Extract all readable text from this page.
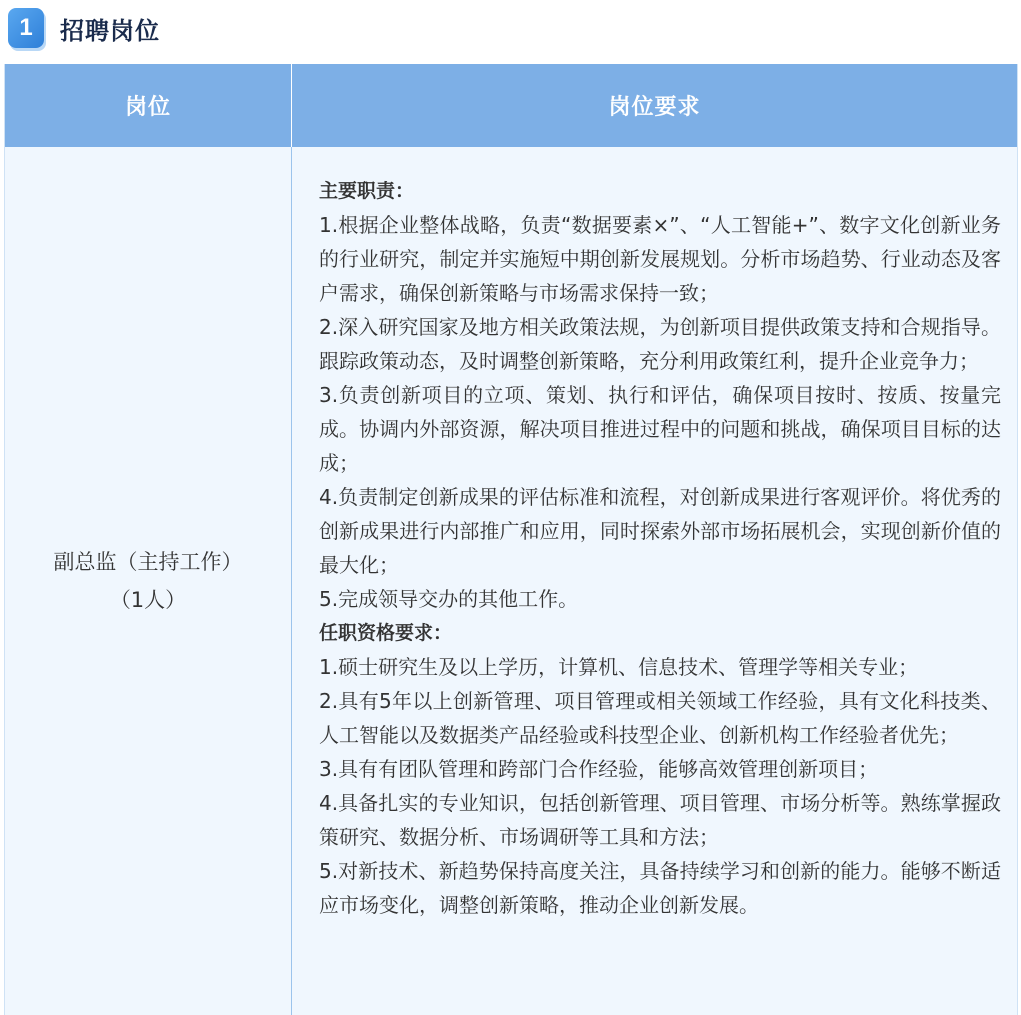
1	招聘岗位
岗位	岗位要求
副总监（主持工作）
（1人）
主要职责：
1.根据企业整体战略，负责“数据要素×”、“人工智能+”、数字文化创新业务的行业研究，制定并实施短中期创新发展规划。分析市场趋势、行业动态及客户需求，确保创新策略与市场需求保持一致；
2.深入研究国家及地方相关政策法规，为创新项目提供政策支持和合规指导。跟踪政策动态，及时调整创新策略，充分利用政策红利，提升企业竞争力；
3.负责创新项目的立项、策划、执行和评估，确保项目按时、按质、按量完成。协调内外部资源，解决项目推进过程中的问题和挑战，确保项目目标的达成；
4.负责制定创新成果的评估标准和流程，对创新成果进行客观评价。将优秀的创新成果进行内部推广和应用，同时探索外部市场拓展机会，实现创新价值的最大化；
5.完成领导交办的其他工作。
任职资格要求：
1.硕士研究生及以上学历，计算机、信息技术、管理学等相关专业；
2.具有5年以上创新管理、项目管理或相关领域工作经验，具有文化科技类、人工智能以及数据类产品经验或科技型企业、创新机构工作经验者优先；
3.具有有团队管理和跨部门合作经验，能够高效管理创新项目；
4.具备扎实的专业知识，包括创新管理、项目管理、市场分析等。熟练掌握政策研究、数据分析、市场调研等工具和方法；
5.对新技术、新趋势保持高度关注，具备持续学习和创新的能力。能够不断适应市场变化，调整创新策略，推动企业创新发展。
